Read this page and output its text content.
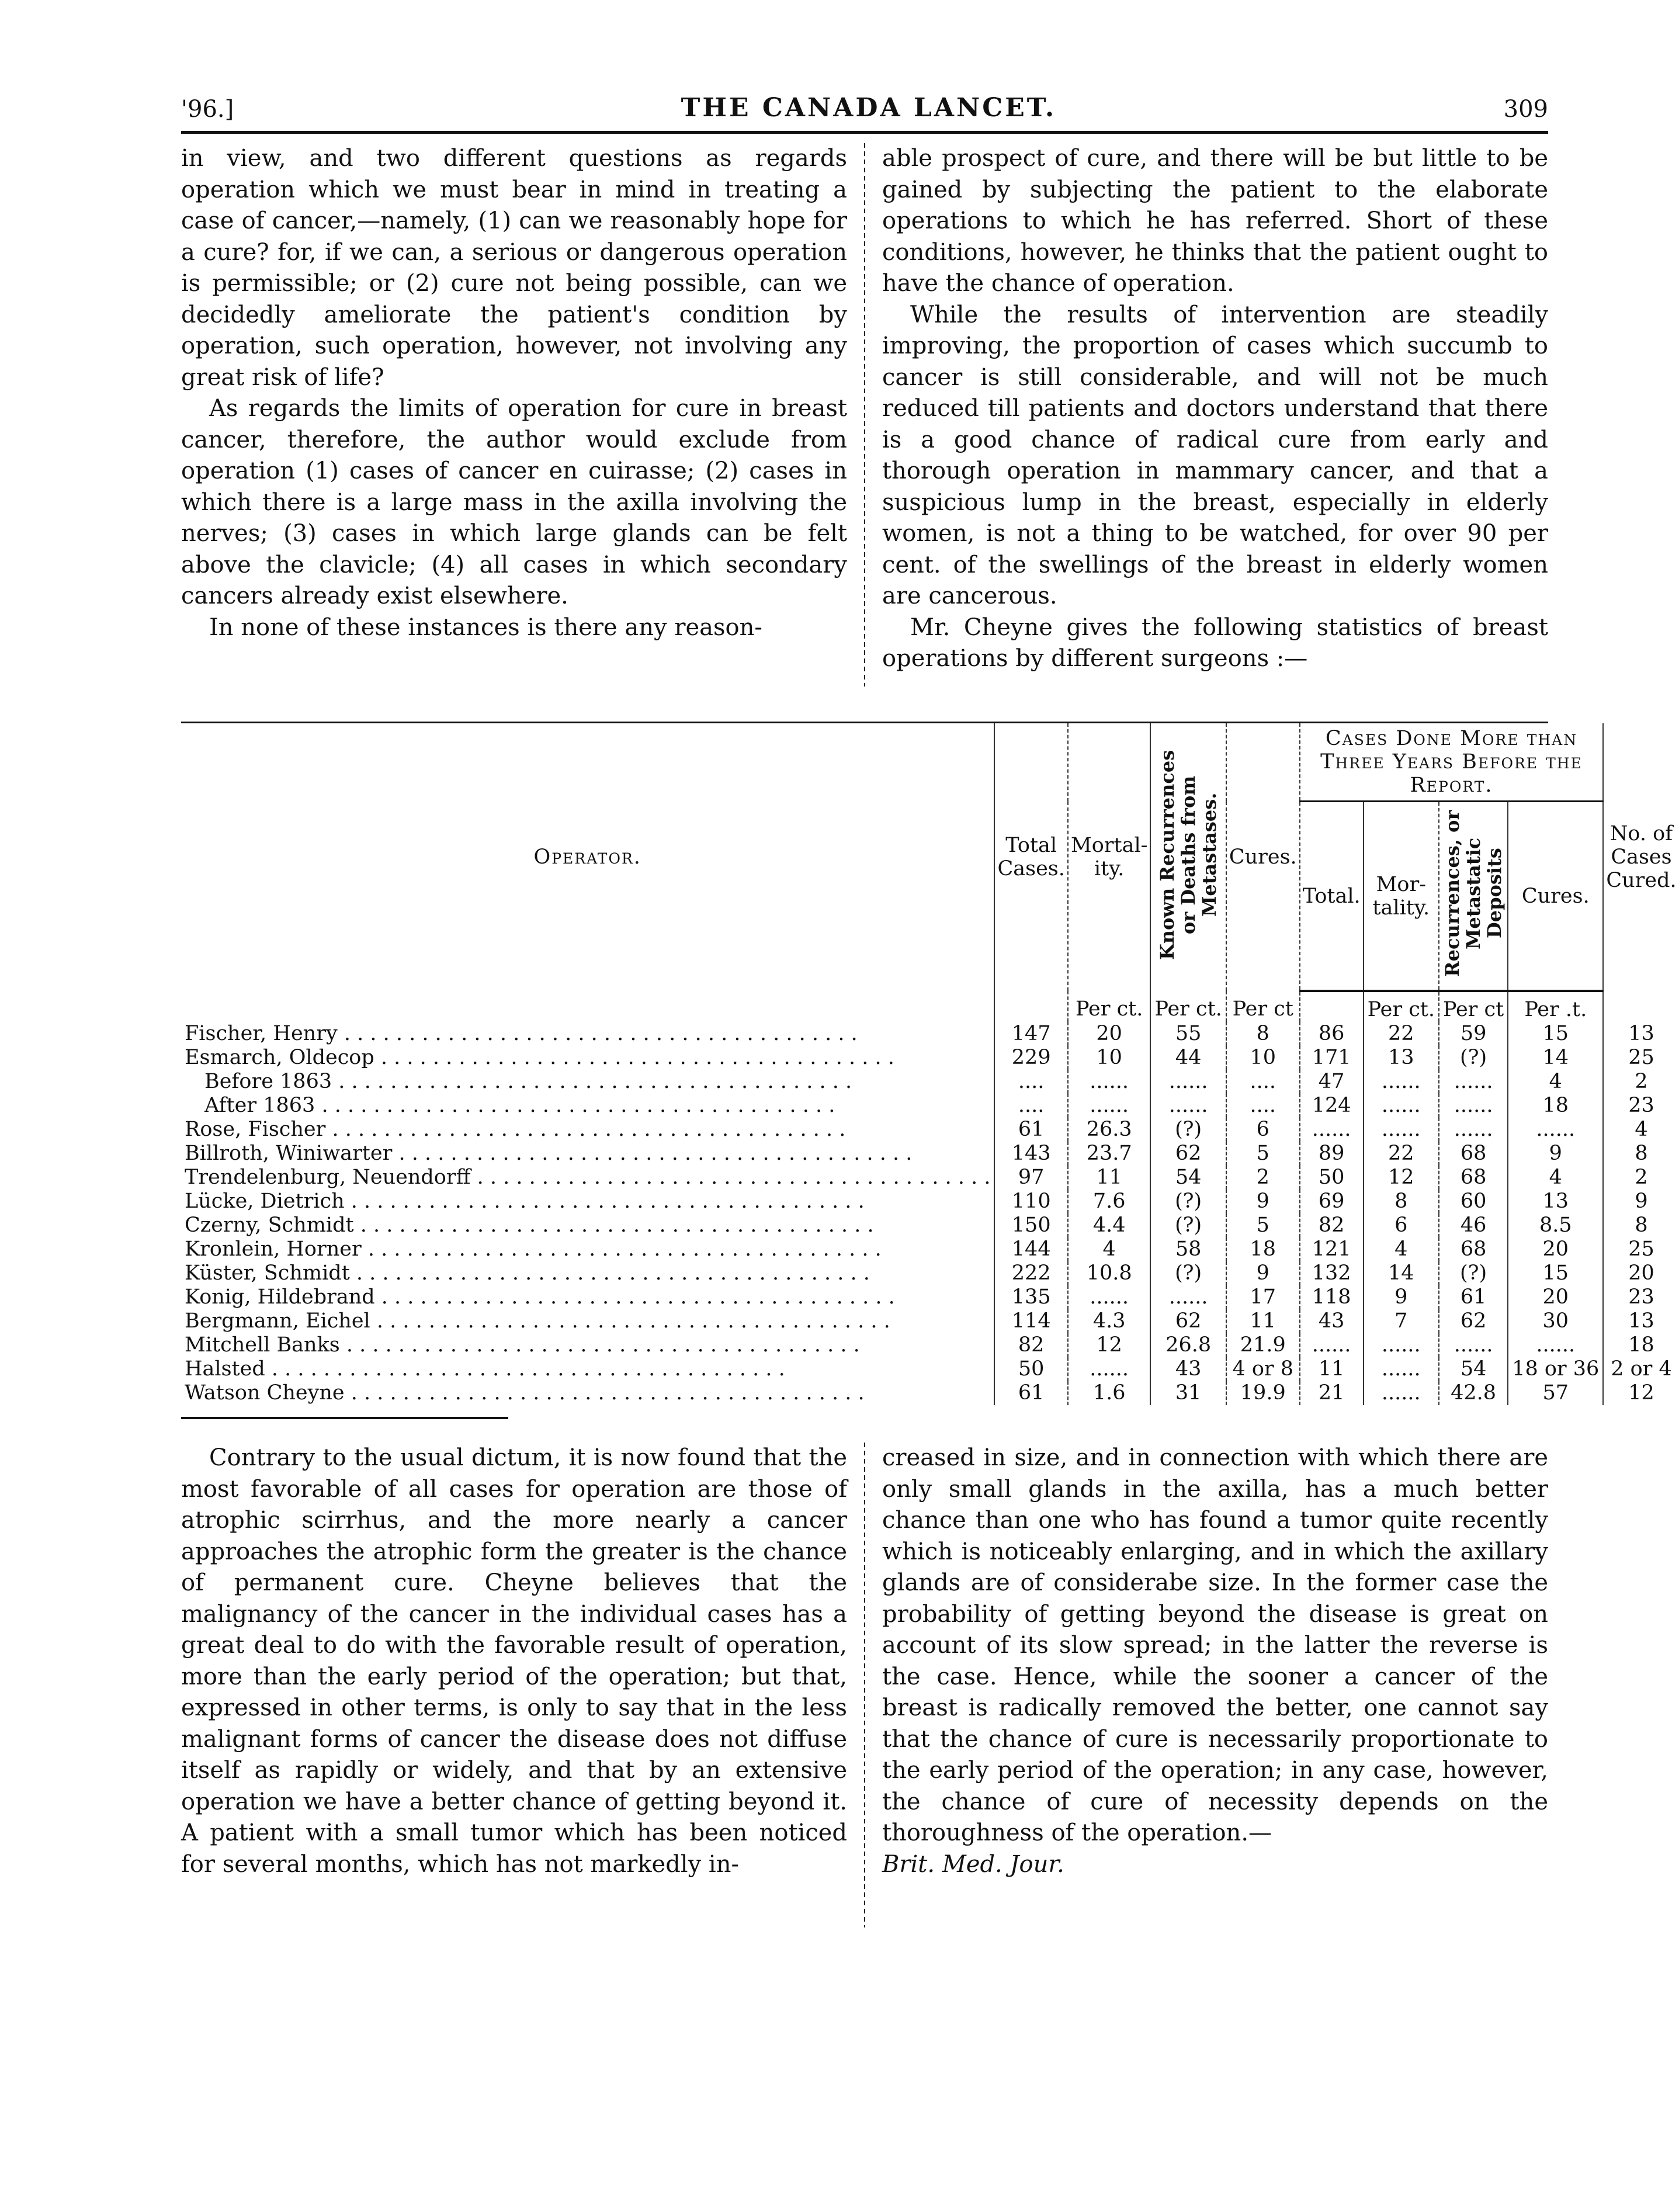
'96.]	THE CANADA LANCET.	309

in view, and two different questions as regards operation which we must bear in mind in treating a case of cancer,—namely, (1) can we reasonably hope for a cure? for, if we can, a serious or dangerous operation is permissible; or (2) cure not being possible, can we decidedly ameliorate the patient's condition by operation, such operation, however, not involving any great risk of life?

As regards the limits of operation for cure in breast cancer, therefore, the author would exclude from operation (1) cases of cancer en cuirasse; (2) cases in which there is a large mass in the axilla involving the nerves; (3) cases in which large glands can be felt above the clavicle; (4) all cases in which secondary cancers already exist elsewhere.

In none of these instances is there any reason-

able prospect of cure, and there will be but little to be gained by subjecting the patient to the elaborate operations to which he has referred. Short of these conditions, however, he thinks that the patient ought to have the chance of operation.

While the results of intervention are steadily improving, the proportion of cases which succumb to cancer is still considerable, and will not be much reduced till patients and doctors understand that there is a good chance of radical cure from early and thorough operation in mammary cancer, and that a suspicious lump in the breast, especially in elderly women, is not a thing to be watched, for over 90 per cent. of the swellings of the breast in elderly women are cancerous.

Mr. Cheyne gives the following statistics of breast operations by different surgeons :—

Operator.	Total Cases.	Mortal-ity.	Known Recurrences or Deaths from Metastases.	Cures.	Cases Done More than Three Years Before the Report.				No. of Cases Cured.
					Total.	Mor-tality.	Recurrences, or Metastatic Deposits	Cures.	
		Per ct.	Per ct.	Per ct		Per ct.	Per ct	Per .t.	
Fischer, Henry . . .	147	20	55	8	86	22	59	15	13
Esmarch, Oldecop . . .	229	10	44	10	171	13	(?)	14	25
Before 1863 . . .	....	......	......	....	47	......	......	4	2
After 1863 . . .	....	......	......	....	124	......	......	18	23
Rose, Fischer . . .	61	26.3	(?)	6	......	......	......	......	4
Billroth, Winiwarter . . .	143	23.7	62	5	89	22	68	9	8
Trendelenburg, Neuendorff . . .	97	11	54	2	50	12	68	4	2
Lücke, Dietrich . . .	110	7.6	(?)	9	69	8	60	13	9
Czerny, Schmidt . . .	150	4.4	(?)	5	82	6	46	8.5	8
Kronlein, Horner . . .	144	4	58	18	121	4	68	20	25
Küster, Schmidt . . .	222	10.8	(?)	9	132	14	(?)	15	20
Konig, Hildebrand . . .	135	......	......	17	118	9	61	20	23
Bergmann, Eichel . . .	114	4.3	62	11	43	7	62	30	13
Mitchell Banks . . .	82	12	26.8	21.9	......	......	......	......	18
Halsted . . .	50	......	43	4 or 8	11	......	54	18 or 36	2 or 4
Watson Cheyne . . .	61	1.6	31	19.9	21	......	42.8	57	12

Contrary to the usual dictum, it is now found that the most favorable of all cases for operation are those of atrophic scirrhus, and the more nearly a cancer approaches the atrophic form the greater is the chance of permanent cure. Cheyne believes that the malignancy of the cancer in the individual cases has a great deal to do with the favorable result of operation, more than the early period of the operation; but that, expressed in other terms, is only to say that in the less malignant forms of cancer the disease does not diffuse itself as rapidly or widely, and that by an extensive operation we have a better chance of getting beyond it. A patient with a small tumor which has been noticed for several months, which has not markedly in-

creased in size, and in connection with which there are only small glands in the axilla, has a much better chance than one who has found a tumor quite recently which is noticeably enlarging, and in which the axillary glands are of considerabe size. In the former case the probability of getting beyond the disease is great on account of its slow spread; in the latter the reverse is the case. Hence, while the sooner a cancer of the breast is radically removed the better, one cannot say that the chance of cure is necessarily proportionate to the early period of the operation; in any case, however, the chance of cure of necessity depends on the thoroughness of the operation.—

Brit. Med. Jour.
